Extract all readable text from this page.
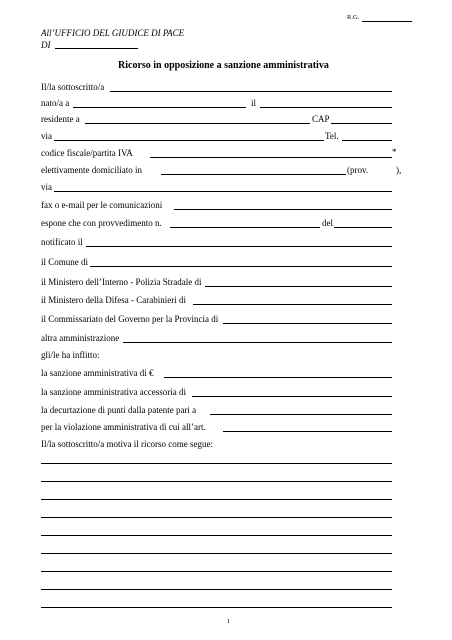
R.G.
All’UFFICIO DEL GIUDICE DI PACE
DI
Ricorso in opposizione a sanzione amministrativa
Il/la sottoscritto/a
nato/a a	il
residente a	CAP
via	Tel.
codice fiscale/partita IVA	*
elettivamente domiciliato in	(prov.	),
via
fax o e-mail per le comunicazioni
espone che con provvedimento n.	del
notificato il
il Comune di
il Ministero dell’Interno - Polizia Stradale di
il Ministero della Difesa - Carabinieri di
il Commissariato del Governo per la Provincia di
altra amministrazione
gli/le ha inflitto:
la sanzione amministrativa di €
la sanzione amministrativa accessoria di
la decurtazione di punti dalla patente pari a
per la violazione amministrativa di cui all’art.
Il/la sottoscritto/a motiva il ricorso come segue:
1
